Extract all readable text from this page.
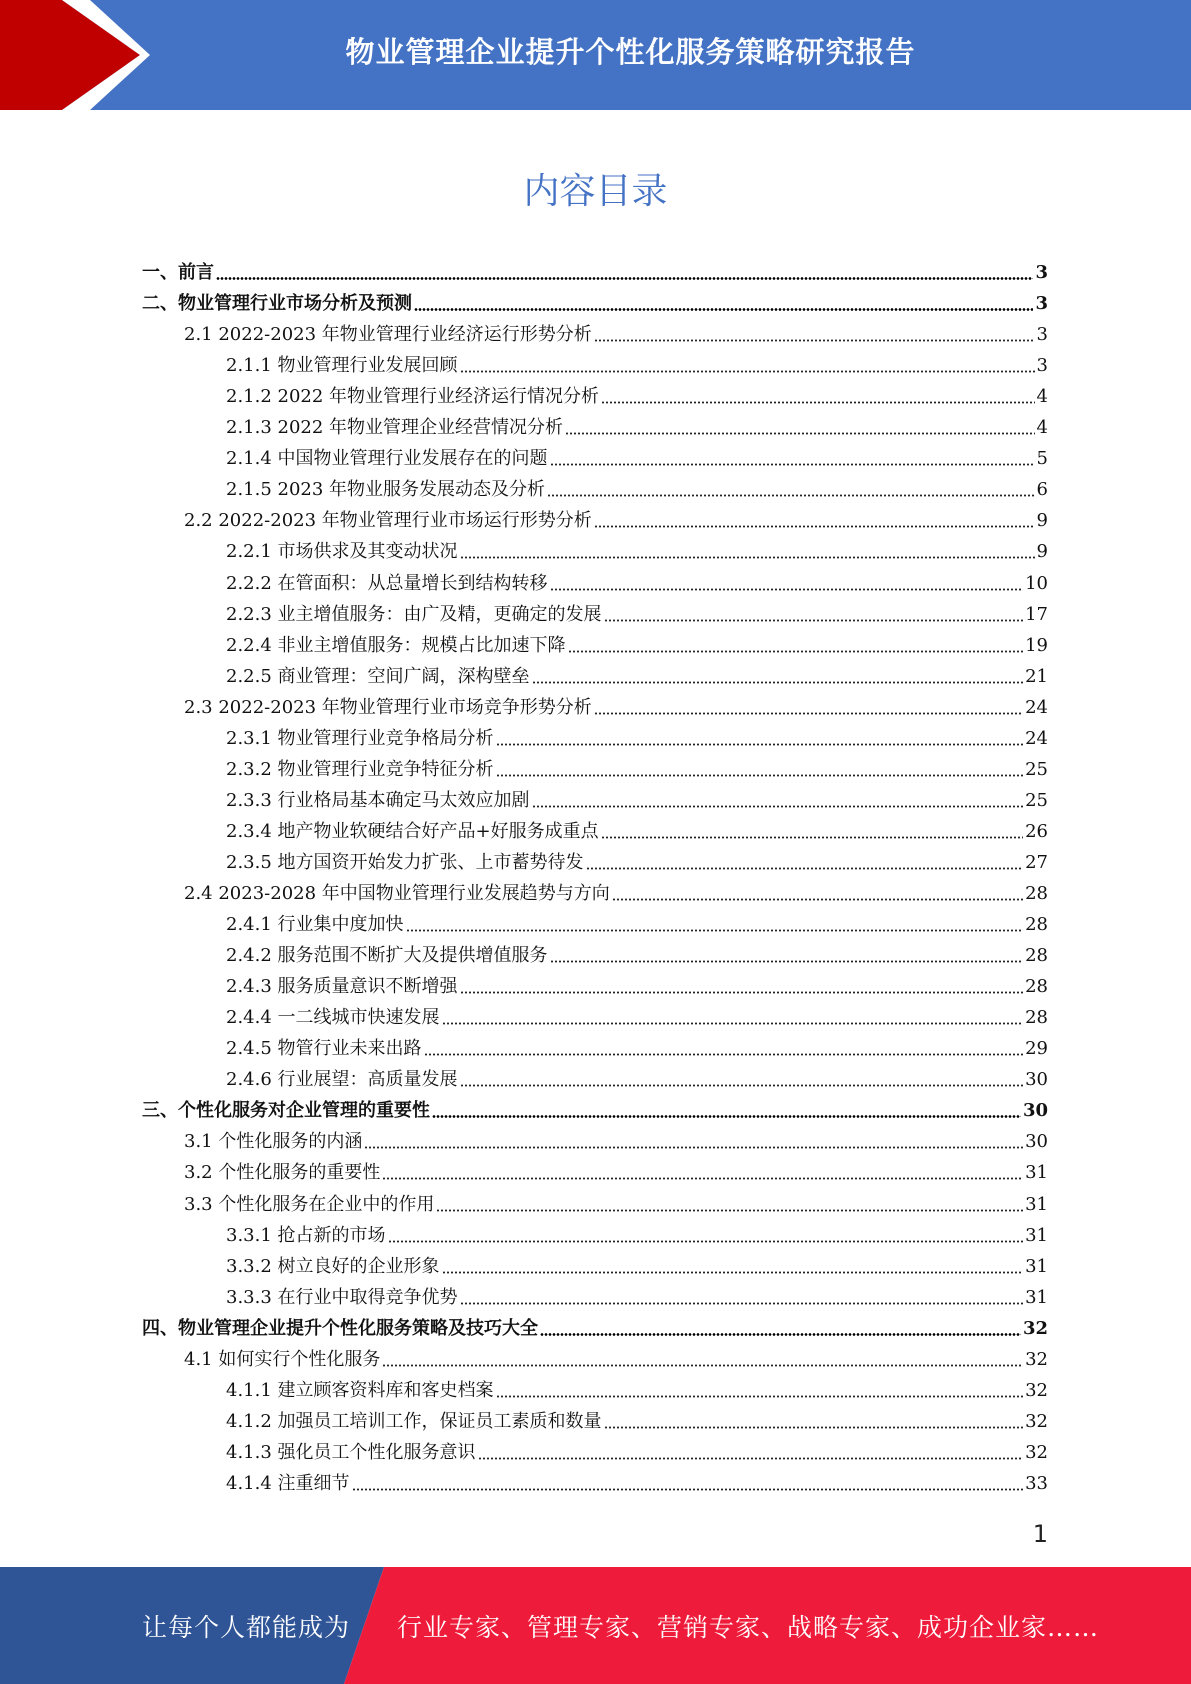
物业管理企业提升个性化服务策略研究报告
内容目录
一、前言	3
二、物业管理行业市场分析及预测	3
2.1 2022-2023 年物业管理行业经济运行形势分析	3
2.1.1 物业管理行业发展回顾	3
2.1.2 2022 年物业管理行业经济运行情况分析	4
2.1.3 2022 年物业管理企业经营情况分析	4
2.1.4 中国物业管理行业发展存在的问题	5
2.1.5 2023 年物业服务发展动态及分析	6
2.2 2022-2023 年物业管理行业市场运行形势分析	9
2.2.1 市场供求及其变动状况	9
2.2.2 在管面积：从总量增长到结构转移	10
2.2.3 业主增值服务：由广及精，更确定的发展	17
2.2.4 非业主增值服务：规模占比加速下降	19
2.2.5 商业管理：空间广阔，深构壁垒	21
2.3 2022-2023 年物业管理行业市场竞争形势分析	24
2.3.1 物业管理行业竞争格局分析	24
2.3.2 物业管理行业竞争特征分析	25
2.3.3 行业格局基本确定马太效应加剧	25
2.3.4 地产物业软硬结合好产品+好服务成重点	26
2.3.5 地方国资开始发力扩张、上市蓄势待发	27
2.4 2023-2028 年中国物业管理行业发展趋势与方向	28
2.4.1 行业集中度加快	28
2.4.2 服务范围不断扩大及提供增值服务	28
2.4.3 服务质量意识不断增强	28
2.4.4 一二线城市快速发展	28
2.4.5 物管行业未来出路	29
2.4.6 行业展望：高质量发展	30
三、个性化服务对企业管理的重要性	30
3.1 个性化服务的内涵	30
3.2 个性化服务的重要性	31
3.3 个性化服务在企业中的作用	31
3.3.1 抢占新的市场	31
3.3.2 树立良好的企业形象	31
3.3.3 在行业中取得竞争优势	31
四、物业管理企业提升个性化服务策略及技巧大全	32
4.1 如何实行个性化服务	32
4.1.1 建立顾客资料库和客史档案	32
4.1.2 加强员工培训工作，保证员工素质和数量	32
4.1.3 强化员工个性化服务意识	32
4.1.4 注重细节	33
1
让每个人都能成为 行业专家、管理专家、营销专家、战略专家、成功企业家……
